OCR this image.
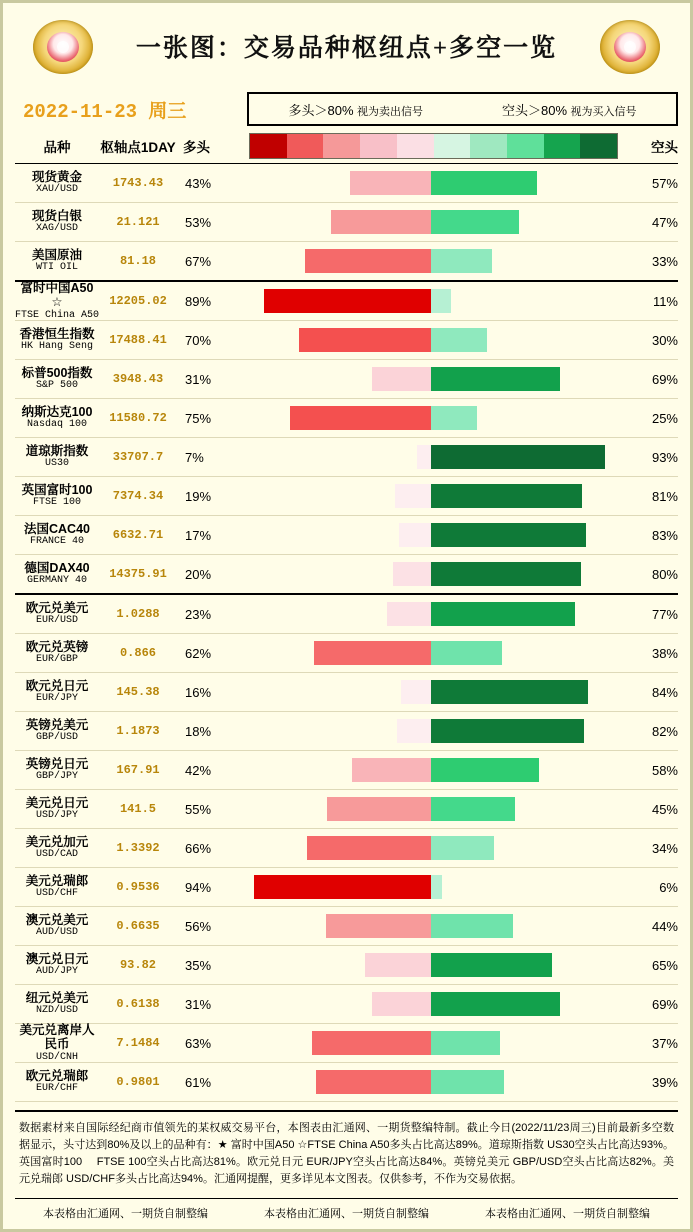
一张图：交易品种枢纽点+多空一览
2022-11-23 周三	多头＞80% 视为卖出信号	空头＞80% 视为买入信号
品种	枢轴点1DAY 多头	空头
现货黄金
XAU/USD	1743.43	43%	57%
现货白银
XAG/USD	21.121	53%	47%
美国原油
WTI OIL	81.18	67%	33%
富时中国A50 ☆
FTSE China A50
12205.02	89%	11%
香港恒生指数
HK Hang Seng	17488.41	70%	30%
标普500指数
S&P 500	3948.43	31%	69%
纳斯达克100
Nasdaq 100	11580.72	75%	25%
道琼斯指数
US30	33707.7	7%	93%
英国富时100
FTSE 100	7374.34	19%	81%
法国CAC40
FRANCE 40	6632.71	17%	83%
德国DAX40
GERMANY 40	14375.91	20%	80%
欧元兑美元
EUR/USD	1.0288	23%	77%
欧元兑英镑
EUR/GBP	0.866	62%	38%
欧元兑日元
EUR/JPY	145.38	16%	84%
英镑兑美元
GBP/USD	1.1873	18%	82%
英镑兑日元
GBP/JPY	167.91	42%	58%
美元兑日元
USD/JPY	141.5	55%	45%
美元兑加元
USD/CAD	1.3392	66%	34%
美元兑瑞郎
USD/CHF	0.9536	94%	6%
澳元兑美元
AUD/USD	0.6635	56%	44%
澳元兑日元
AUD/JPY	93.82	35%	65%
纽元兑美元
NZD/USD	0.6138	31%	69%
美元兑离岸人民币
USD/CNH
7.1484	63%	37%
欧元兑瑞郎
EUR/CHF	0.9801	61%	39%
数据素材来自国际经纪商市值领先的某权威交易平台，本图表由汇通网、一期货整编特制。截止今日(2022/11/23周三)目前最新多空数据显示，头寸达到80%及以上的品种有：★ 富时中国A50 ☆FTSE China A50多头占比高达89%。道琼斯指数 US30空头占比高达93%。英国富时100　 FTSE 100空头占比高达81%。欧元兑日元 EUR/JPY空头占比高达84%。英镑兑美元 GBP/USD空头占比高达82%。美元兑瑞郎 USD/CHF多头占比高达94%。汇通网提醒，更多详见本文图表。仅供参考，不作为交易依据。
本表格由汇通网、一期货自制整编	本表格由汇通网、一期货自制整编	本表格由汇通网、一期货自制整编
